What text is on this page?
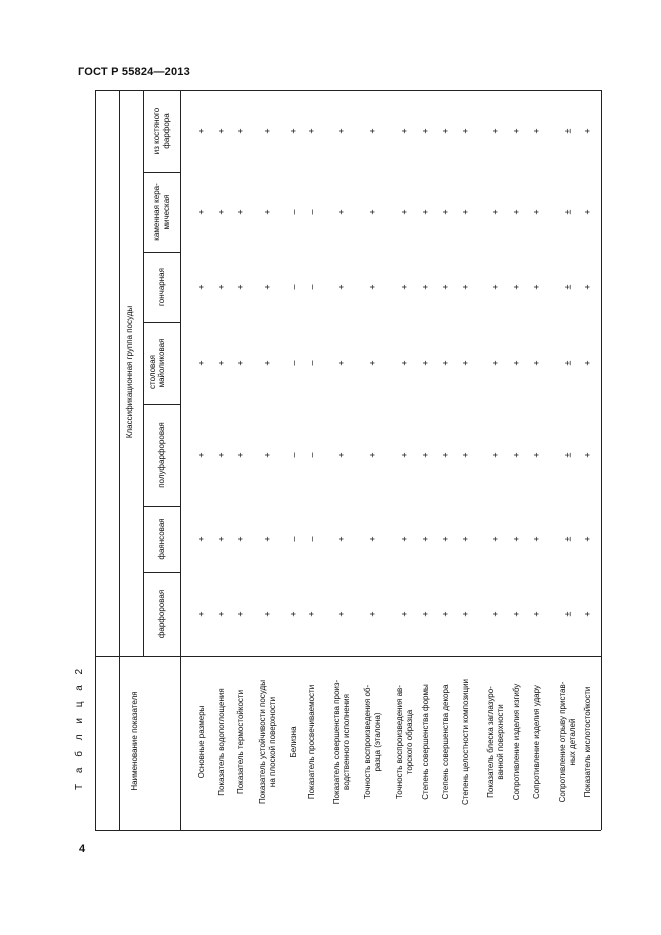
ГОСТ Р 55824—2013
4
Т а б л и ц а 2
Классификационная группа посуды
Наименование показателя
столовая
фарфоровая
фаянсовая
полуфарфоровая
майоликовая
гончарная
каменная кера-
мическая
из костяного
фарфора
Основные размеры
+
+
+
+
+
+
+
Показатель водопоглощения
+
+
+
+
+
+
+
Показатель термостойкости
+
+
+
+
+
+
+
Показатель устойчивости посуды
на плоской поверхности
+
+
+
+
+
+
+
Белизна
+
–
–
–
–
–
+
Показатель просвечиваемости
+
–
–
–
–
–
+
Показатель совершенства произ-
водственного исполнения
+
+
+
+
+
+
+
Точность воспроизведения об-
разца (эталона)
+
+
+
+
+
+
+
Точность воспроизведения ав-
торского образца
+
+
+
+
+
+
+
Степень совершенства формы
+
+
+
+
+
+
+
Степень совершенства декора
+
+
+
+
+
+
+
Степень целостности композиции
+
+
+
+
+
+
+
Показатель блеска заглазуро-
ванной поверхности
+
+
+
+
+
+
+
Сопротивление изделия изгибу
+
+
+
+
+
+
+
Сопротивление изделия удару
+
+
+
+
+
+
+
Сопротивление отрыву пристав-
ных деталей
±
±
±
±
±
±
±
Показатель кислотостойкости
+
+
+
+
+
+
+
